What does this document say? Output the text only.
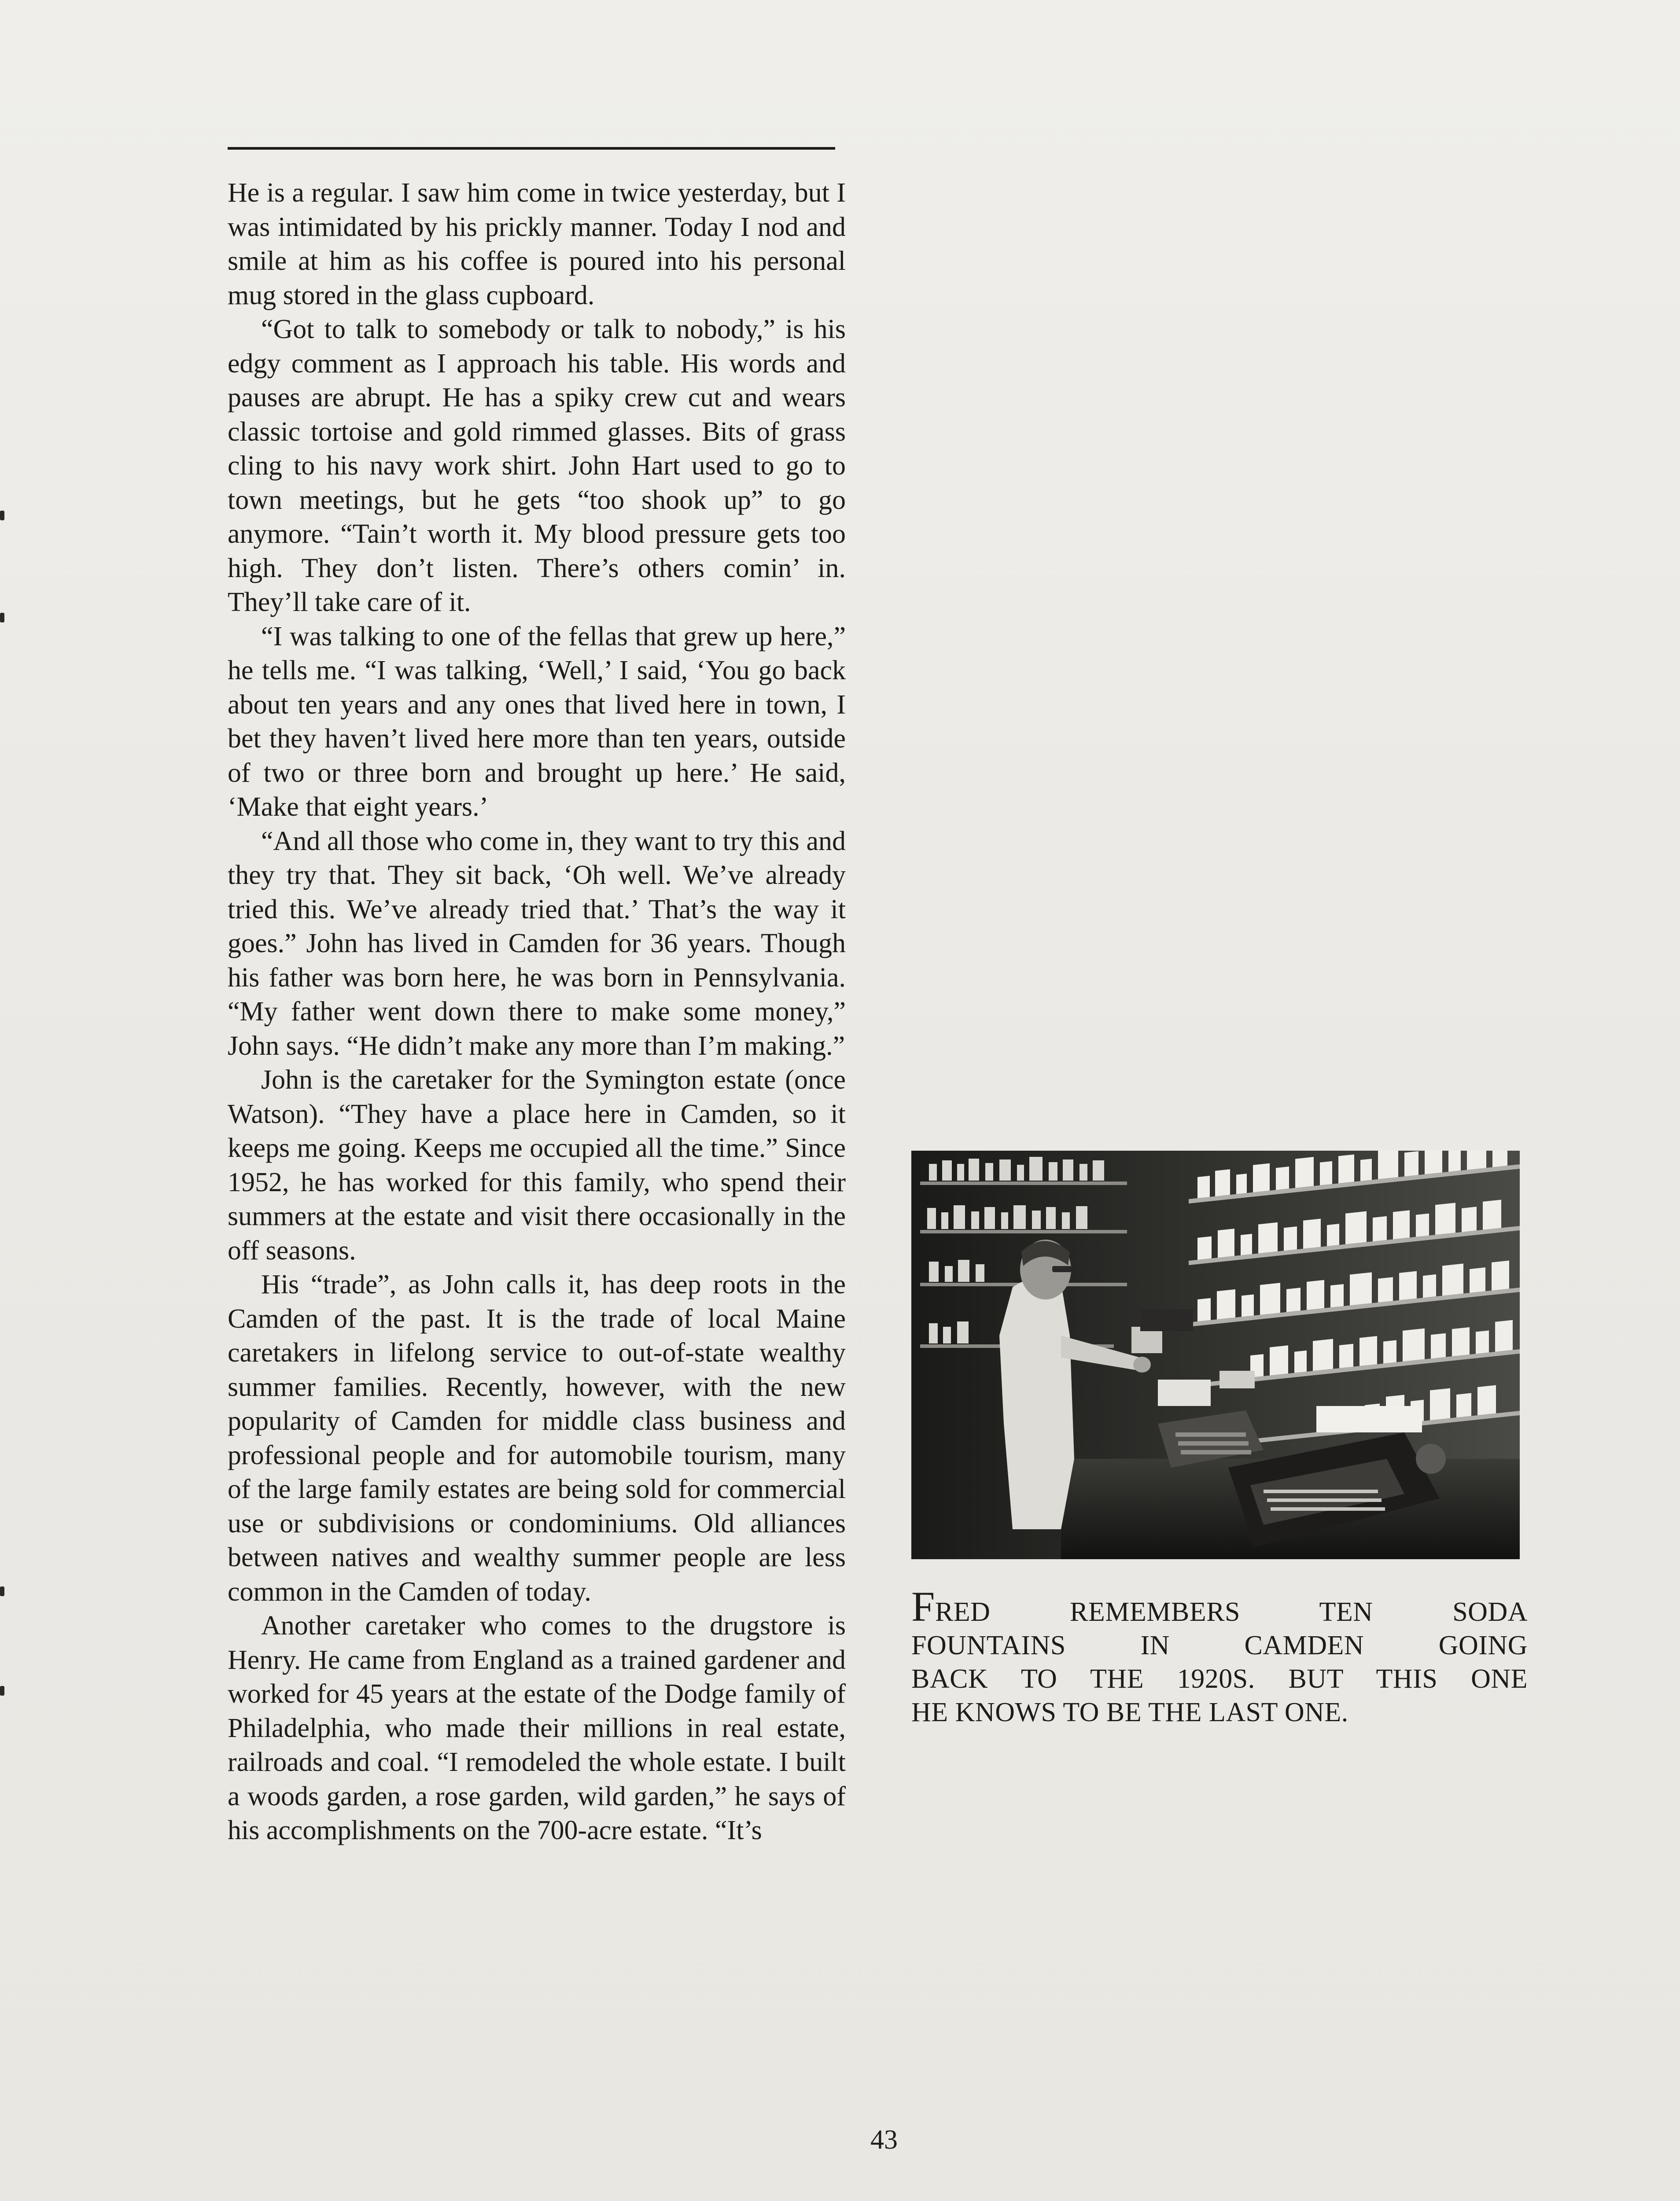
He is a regular. I saw him come in twice yesterday, but I was intimidated by his prickly manner. Today I nod and smile at him as his coffee is poured into his personal mug stored in the glass cupboard.

“Got to talk to somebody or talk to nobody,” is his edgy comment as I approach his table. His words and pauses are abrupt. He has a spiky crew cut and wears classic tortoise and gold rimmed glasses. Bits of grass cling to his navy work shirt. John Hart used to go to town meetings, but he gets “too shook up” to go anymore. “Tain’t worth it. My blood pressure gets too high. They don’t listen. There’s others comin’ in. They’ll take care of it.

“I was talking to one of the fellas that grew up here,” he tells me. “I was talking, ‘Well,’ I said, ‘You go back about ten years and any ones that lived here in town, I bet they haven’t lived here more than ten years, outside of two or three born and brought up here.’ He said, ‘Make that eight years.’

“And all those who come in, they want to try this and they try that. They sit back, ‘Oh well. We’ve already tried this. We’ve already tried that.’ That’s the way it goes.” John has lived in Camden for 36 years. Though his father was born here, he was born in Pennsylvania. “My father went down there to make some money,” John says. “He didn’t make any more than I’m making.”

John is the caretaker for the Symington estate (once Watson). “They have a place here in Camden, so it keeps me going. Keeps me occupied all the time.” Since 1952, he has worked for this family, who spend their summers at the estate and visit there occasionally in the off seasons.

His “trade”, as John calls it, has deep roots in the Camden of the past. It is the trade of local Maine caretakers in lifelong service to out-of-state wealthy summer families. Recently, however, with the new popularity of Camden for middle class business and professional people and for automobile tourism, many of the large family estates are being sold for commercial use or subdivisions or condominiums. Old alliances between natives and wealthy summer people are less common in the Camden of today.

Another caretaker who comes to the drugstore is Henry. He came from England as a trained gardener and worked for 45 years at the estate of the Dodge family of Philadelphia, who made their millions in real estate, railroads and coal. “I remodeled the whole estate. I built a woods garden, a rose garden, wild garden,” he says of his accomplishments on the 700-acre estate. “It’s

FRED REMEMBERS TEN SODA
FOUNTAINS IN CAMDEN GOING
BACK TO THE 1920S. BUT THIS ONE
HE KNOWS TO BE THE LAST ONE.
43
